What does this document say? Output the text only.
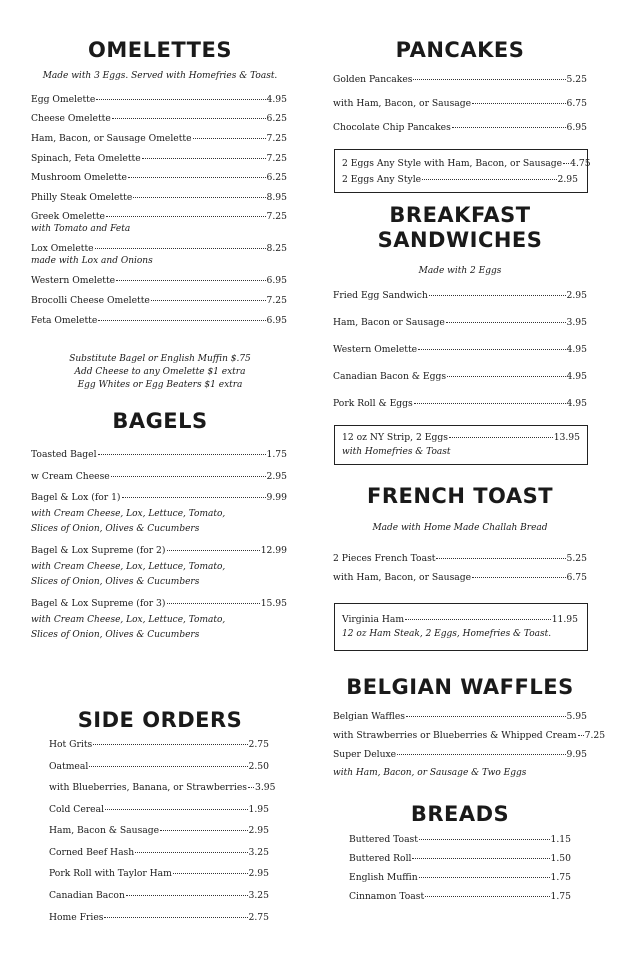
OMELETTES
Made with 3 Eggs. Served with Homefries & Toast.
Egg Omelette	4.95
Cheese Omelette	6.25
Ham, Bacon, or Sausage Omelette	7.25
Spinach, Feta Omelette	7.25
Mushroom Omelette	6.25
Philly Steak Omelette	8.95
Greek Omelette	7.25
with Tomato and Feta
Lox Omelette	8.25
made with Lox and Onions
Western Omelette	6.95
Brocolli Cheese Omelette	7.25
Feta Omelette	6.95
Substitute Bagel or English Muffin $.75
Add Cheese to any Omelette $1 extra
Egg Whites or Egg Beaters $1 extra
BAGELS
Toasted Bagel	1.75
w Cream Cheese	2.95
Bagel & Lox (for 1)	9.99
with Cream Cheese, Lox, Lettuce, Tomato,
Slices of Onion, Olives & Cucumbers
Bagel & Lox Supreme (for 2)	12.99
with Cream Cheese, Lox, Lettuce, Tomato,
Slices of Onion, Olives & Cucumbers
Bagel & Lox Supreme (for 3)	15.95
with Cream Cheese, Lox, Lettuce, Tomato,
Slices of Onion, Olives & Cucumbers
SIDE ORDERS
Hot Grits	2.75
Oatmeal	2.50
with Blueberries, Banana, or Strawberries 3.95
Cold Cereal	1.95
Ham, Bacon & Sausage	2.95
Corned Beef Hash	3.25
Pork Roll with Taylor Ham	2.95
Canadian Bacon	3.25
Home Fries	2.75
PANCAKES
Golden Pancakes	5.25
with Ham, Bacon, or Sausage	6.75
Chocolate Chip Pancakes	6.95
2 Eggs Any Style with Ham, Bacon, or Sausage 4.75
2 Eggs Any Style	2.95
BREAKFAST
SANDWICHES
Made with 2 Eggs
Fried Egg Sandwich	2.95
Ham, Bacon or Sausage	3.95
Western Omelette	4.95
Canadian Bacon & Eggs	4.95
Pork Roll & Eggs	4.95
12 oz NY Strip, 2 Eggs	13.95
with Homefries & Toast
FRENCH TOAST
Made with Home Made Challah Bread
2 Pieces French Toast	5.25
with Ham, Bacon, or Sausage	6.75
Virginia Ham	11.95
12 oz Ham Steak, 2 Eggs, Homefries & Toast.
BELGIAN WAFFLES
Belgian Waffles	5.95
with Strawberries or Blueberries & Whipped Cream 7.25
Super Deluxe	9.95
with Ham, Bacon, or Sausage & Two Eggs
BREADS
Buttered Toast	1.15
Buttered Roll	1.50
English Muffin	1.75
Cinnamon Toast	1.75
